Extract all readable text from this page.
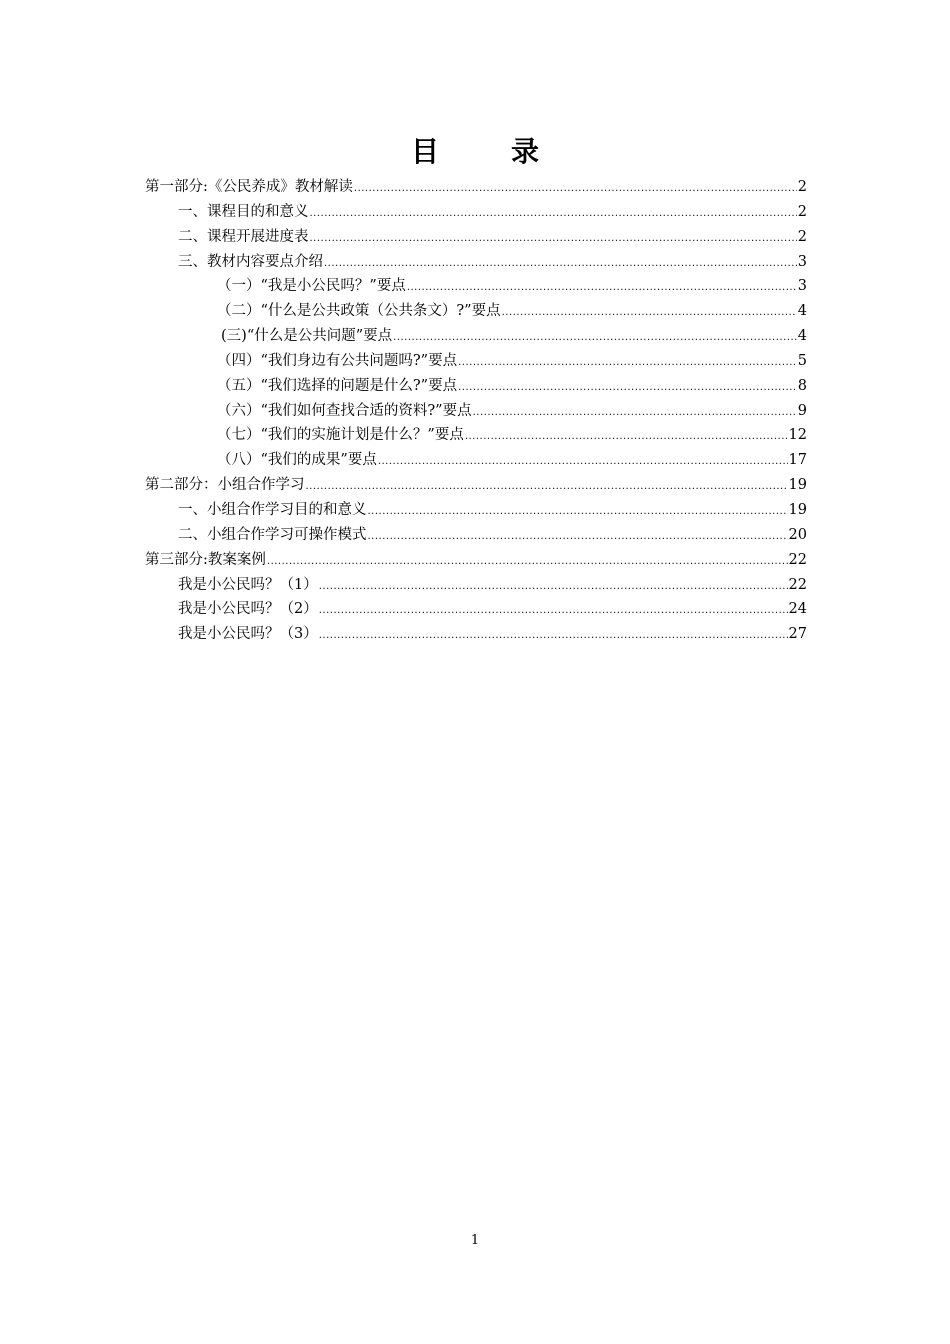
目　录
第一部分:《公民养成》教材解读 .....	2
一、课程目的和意义 .....	2
二、课程开展进度表 .....	2
三、教材内容要点介绍 .....	3
（一）“我是小公民吗？”要点 .....	3
（二）“什么是公共政策（公共条文）?”要点 .....	4
(三)“什么是公共问题”要点 .....	4
（四）“我们身边有公共问题吗?”要点 .....	5
（五）“我们选择的问题是什么?”要点 .....	8
（六）“我们如何查找合适的资料?”要点 .....	9
（七）“我们的实施计划是什么？”要点 .....	12
（八）“我们的成果”要点 .....	17
第二部分：小组合作学习 .....	19
一、小组合作学习目的和意义 .....	19
二、小组合作学习可操作模式 .....	20
第三部分:教案案例 .....	22
我是小公民吗？（1） .....	22
我是小公民吗？（2） .....	24
我是小公民吗？（3） .....	27
1
